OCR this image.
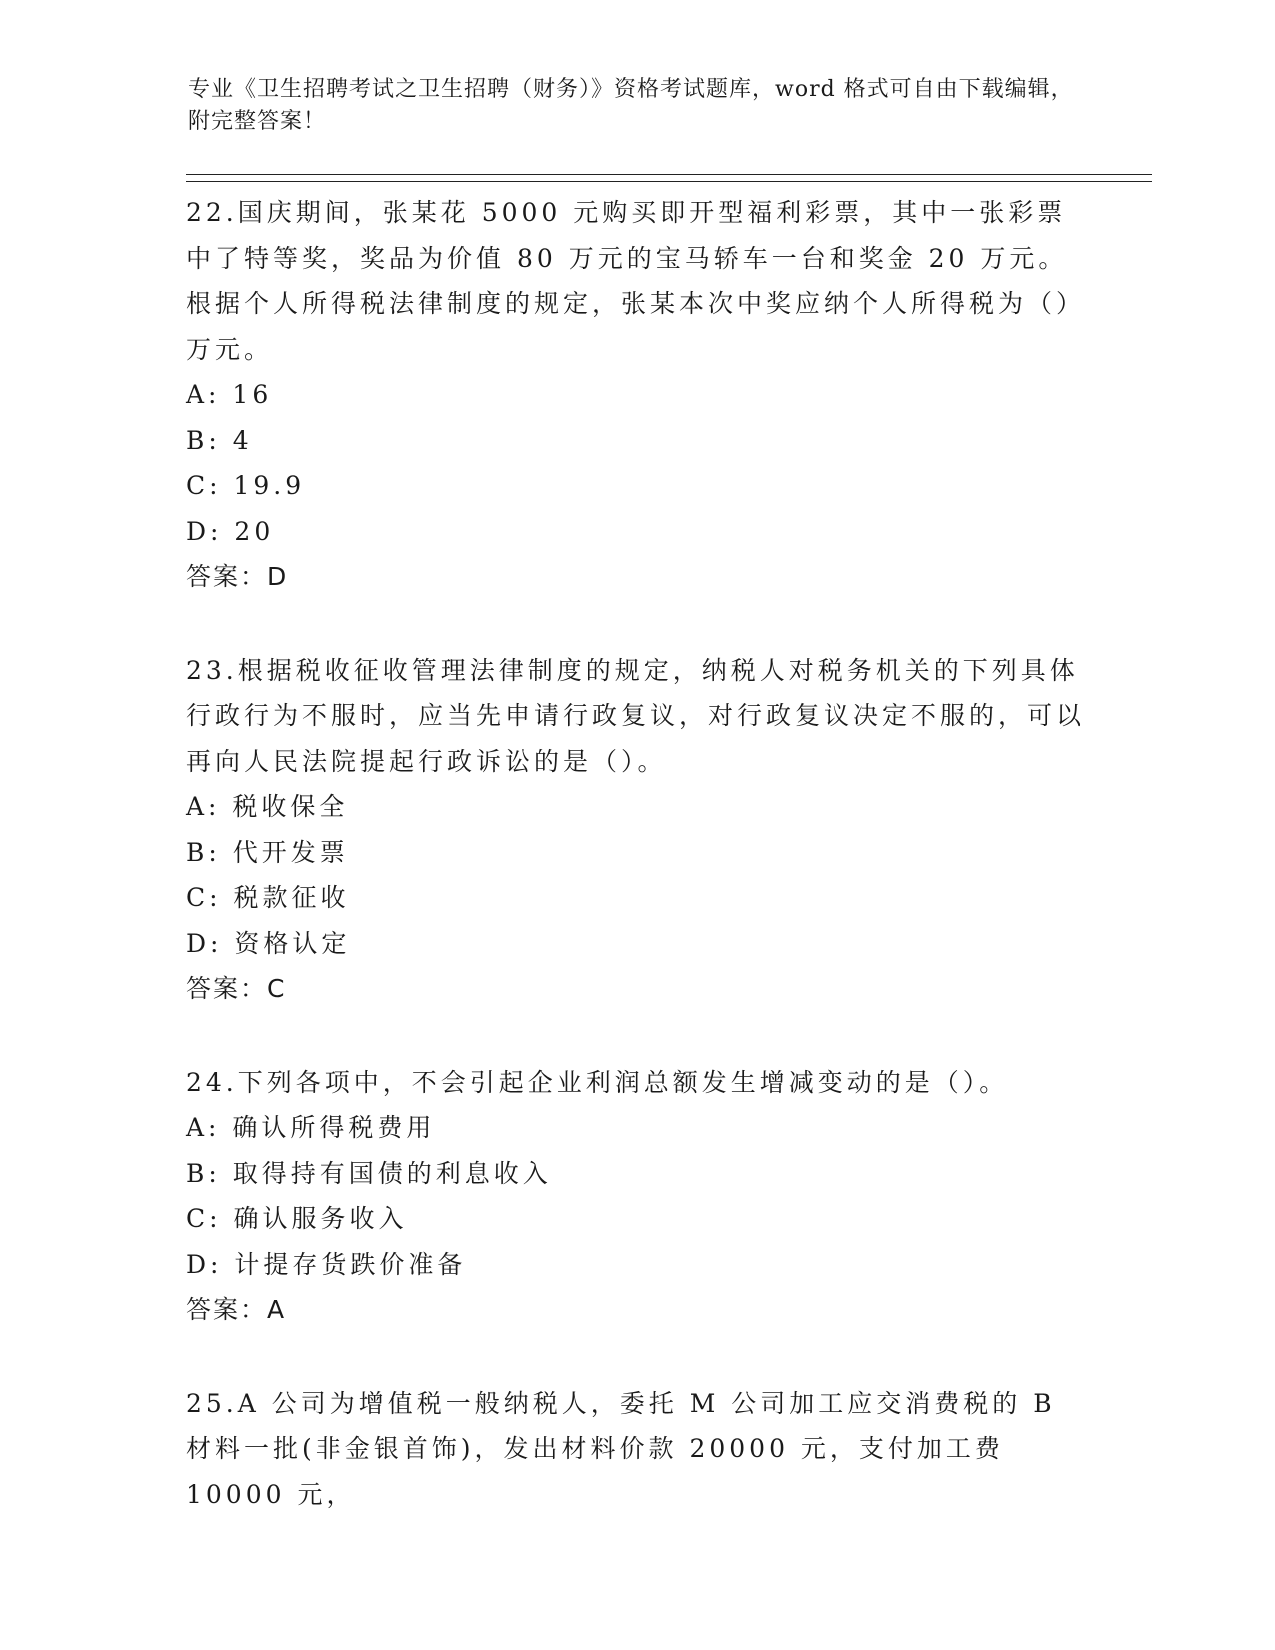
专业《卫生招聘考试之卫生招聘（财务）》资格考试题库，word 格式可自由下载编辑，附完整答案！
22.国庆期间，张某花 5000 元购买即开型福利彩票，其中一张彩票中了特等奖，奖品为价值 80 万元的宝马轿车一台和奖金 20 万元。根据个人所得税法律制度的规定，张某本次中奖应纳个人所得税为（）万元。
A: 16
B: 4
C: 19.9
D: 20
答案：D
23.根据税收征收管理法律制度的规定，纳税人对税务机关的下列具体行政行为不服时，应当先申请行政复议，对行政复议决定不服的，可以再向人民法院提起行政诉讼的是（）。
A: 税收保全
B: 代开发票
C: 税款征收
D: 资格认定
答案：C
24.下列各项中，不会引起企业利润总额发生增减变动的是（）。
A: 确认所得税费用
B: 取得持有国债的利息收入
C: 确认服务收入
D: 计提存货跌价准备
答案：A
25.A 公司为增值税一般纳税人，委托 M 公司加工应交消费税的 B 材料一批(非金银首饰)，发出材料价款 20000 元，支付加工费 10000 元，
